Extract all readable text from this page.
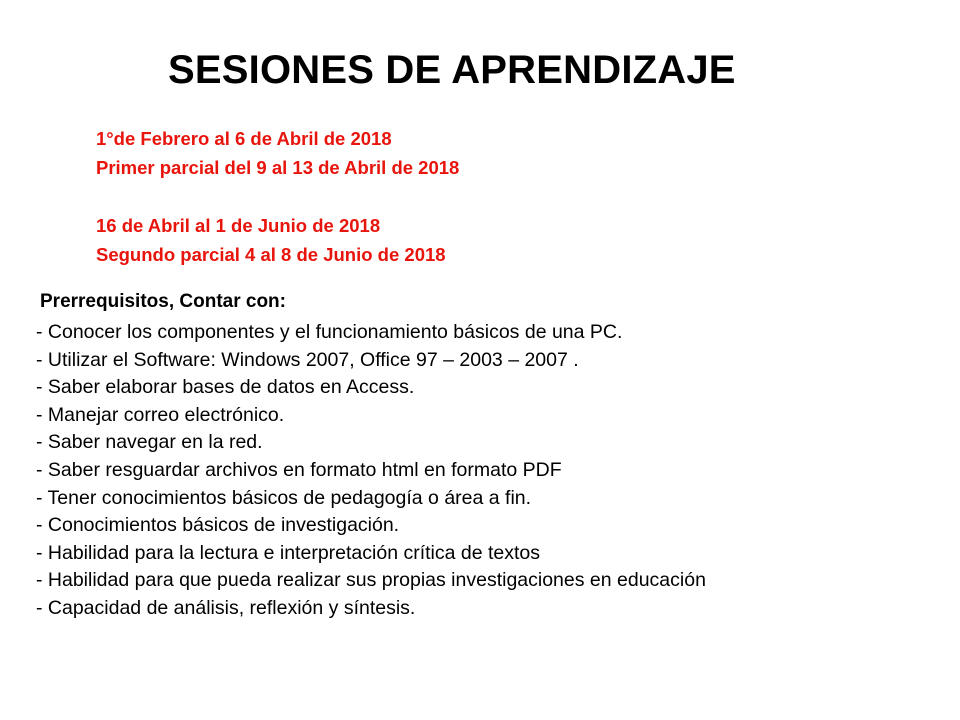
SESIONES DE APRENDIZAJE
1°de Febrero al 6 de Abril de 2018
Primer parcial del 9 al 13 de Abril de 2018
16 de Abril al 1 de Junio de 2018
Segundo parcial 4 al 8 de Junio de 2018
Prerrequisitos, Contar con:
- Conocer los componentes y el funcionamiento básicos de una PC.
- Utilizar el Software: Windows 2007, Office 97 – 2003 – 2007 .
- Saber elaborar bases de datos en Access.
- Manejar correo electrónico.
- Saber navegar en la red.
- Saber resguardar archivos en formato html en formato PDF
- Tener conocimientos básicos de pedagogía o área a fin.
- Conocimientos básicos de investigación.
- Habilidad para la lectura e interpretación crítica de textos
- Habilidad para que pueda realizar sus propias investigaciones en educación
- Capacidad de análisis, reflexión y síntesis.
